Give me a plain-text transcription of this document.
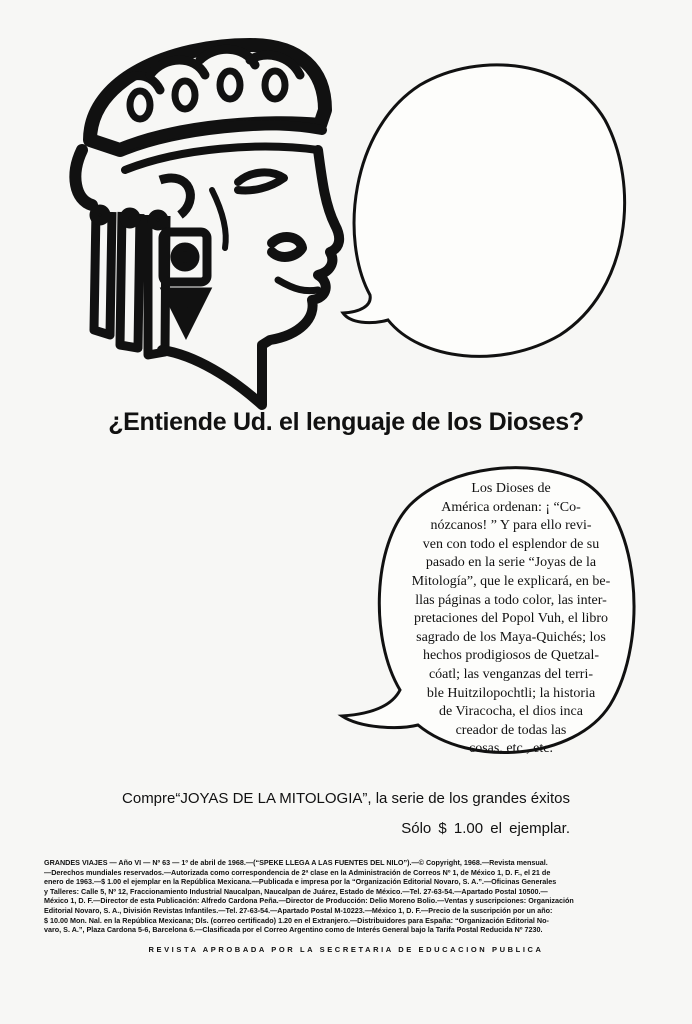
¿Entiende Ud. el lenguaje de los Dioses?
Los Dioses de
América ordenan: ¡ “Co-
nózcanos! ” Y para ello revi-
ven con todo el esplendor de su
pasado en la serie “Joyas de la
Mitología”, que le explicará, en be-
llas páginas a todo color, las inter-
pretaciones del Popol Vuh, el libro
sagrado de los Maya-Quichés; los
hechos prodigiosos de Quetzal-
cóatl; las venganzas del terri-
ble Huitzilopochtli; la historia
de Viracocha, el dios inca
creador de todas las
cosas, etc., etc.

Compre“JOYAS DE LA MITOLOGIA”, la serie de los grandes éxitos

Sólo $ 1.00 el ejemplar.

GRANDES VIAJES — Año VI — Nº 63 — 1º de abril de 1968.—(“SPEKE LLEGA A LAS FUENTES DEL NILO”).—© Copyright, 1968.—Revista mensual.
—Derechos mundiales reservados.—Autorizada como correspondencia de 2ª clase en la Administración de Correos Nº 1, de México 1, D. F., el 21 de
enero de 1963.—$ 1.00 el ejemplar en la República Mexicana.—Publicada e impresa por la “Organización Editorial Novaro, S. A.”.—Oficinas Generales
y Talleres: Calle 5, Nº 12, Fraccionamiento Industrial Naucalpan, Naucalpan de Juárez, Estado de México.—Tel. 27-63-54.—Apartado Postal 10500.—
México 1, D. F.—Director de esta Publicación: Alfredo Cardona Peña.—Director de Producción: Delio Moreno Bolio.—Ventas y suscripciones: Organización
Editorial Novaro, S. A., División Revistas Infantiles.—Tel. 27-63-54.—Apartado Postal M-10223.—México 1, D. F.—Precio de la suscripción por un año:
$ 10.00 Mon. Nal. en la República Mexicana; Dls. (correo certificado) 1.20 en el Extranjero.—Distribuidores para España: “Organización Editorial No-
varo, S. A.”, Plaza Cardona 5-6, Barcelona 6.—Clasificada por el Correo Argentino como de Interés General bajo la Tarifa Postal Reducida Nº 7230.

REVISTA APROBADA POR LA SECRETARIA DE EDUCACION PUBLICA
